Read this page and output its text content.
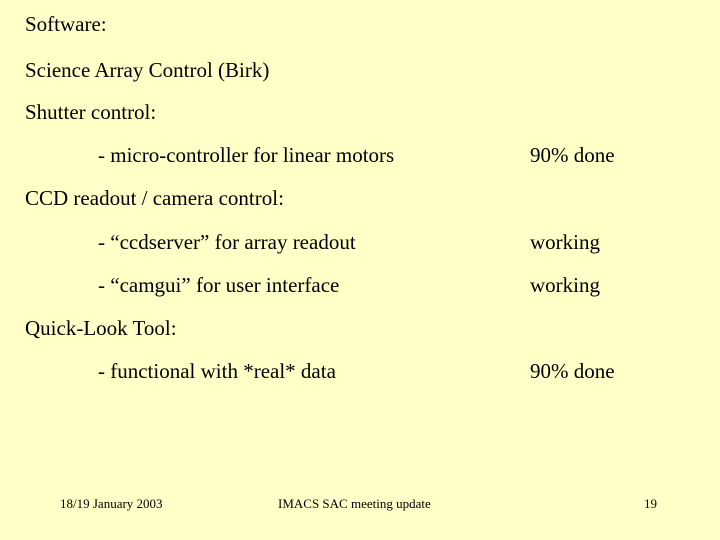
Software:
Science Array Control (Birk)
Shutter control:
- micro-controller for linear motors	90% done
CCD readout / camera control:
- “ccdserver” for array readout	working
- “camgui” for user interface	working
Quick-Look Tool:
- functional with *real* data	90% done
18/19 January 2003	IMACS SAC meeting update	19
